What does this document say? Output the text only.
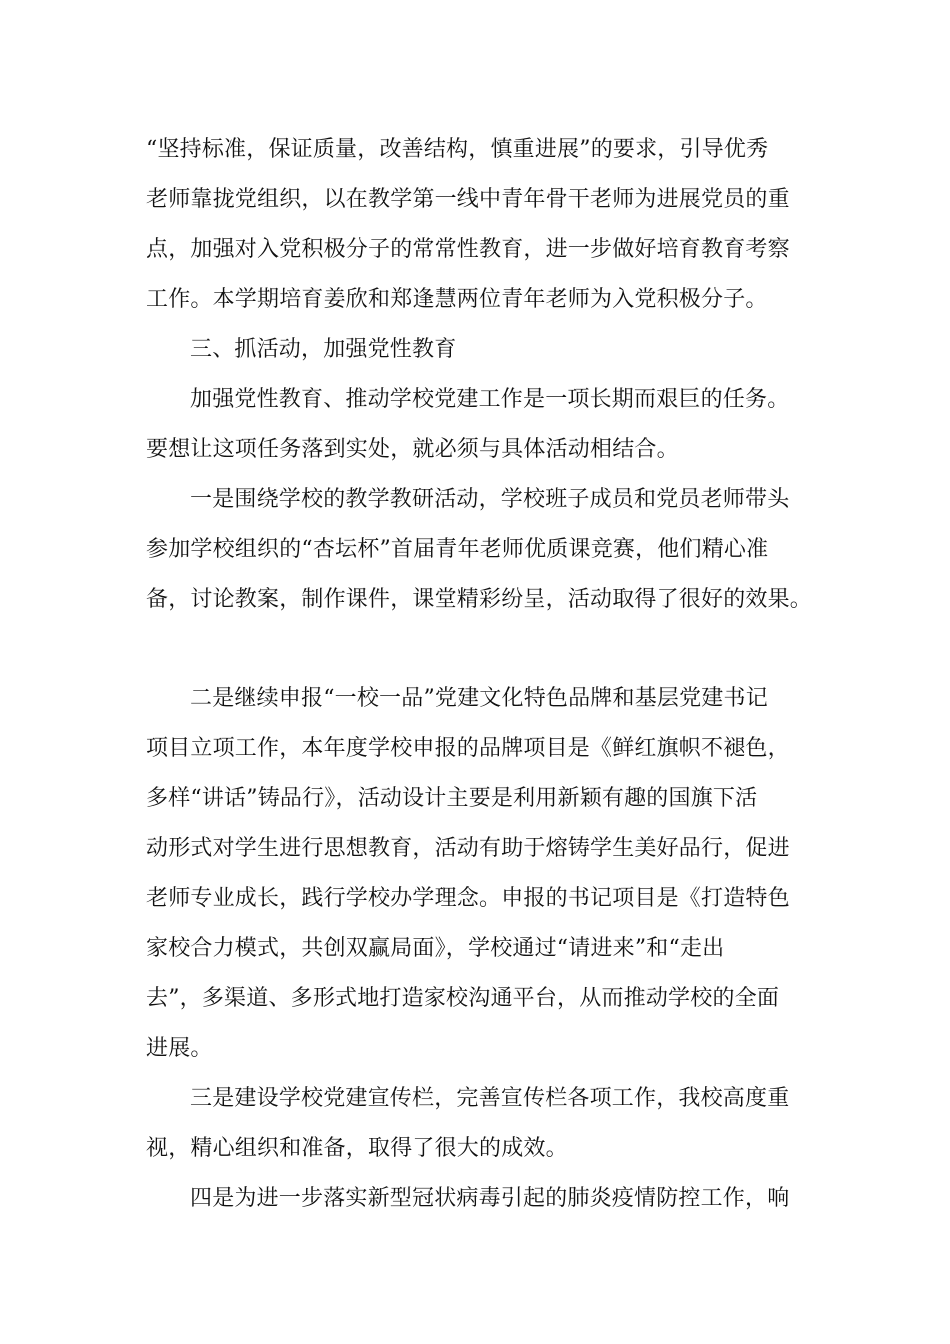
“坚持标准，保证质量，改善结构，慎重进展”的要求，引导优秀
老师靠拢党组织，以在教学第一线中青年骨干老师为进展党员的重
点，加强对入党积极分子的常常性教育，进一步做好培育教育考察
工作。本学期培育姜欣和郑逢慧两位青年老师为入党积极分子。
三、抓活动，加强党性教育
加强党性教育、推动学校党建工作是一项长期而艰巨的任务。
要想让这项任务落到实处，就必须与具体活动相结合。
一是围绕学校的教学教研活动，学校班子成员和党员老师带头
参加学校组织的“杏坛杯”首届青年老师优质课竞赛，他们精心准
备，讨论教案，制作课件，课堂精彩纷呈，活动取得了很好的效果。
二是继续申报“一校一品”党建文化特色品牌和基层党建书记
项目立项工作，本年度学校申报的品牌项目是《鲜红旗帜不褪色，
多样“讲话”铸品行》，活动设计主要是利用新颖有趣的国旗下活
动形式对学生进行思想教育，活动有助于熔铸学生美好品行，促进
老师专业成长，践行学校办学理念。申报的书记项目是《打造特色
家校合力模式，共创双赢局面》，学校通过“请进来”和“走出
去”，多渠道、多形式地打造家校沟通平台，从而推动学校的全面
进展。
三是建设学校党建宣传栏，完善宣传栏各项工作，我校高度重
视，精心组织和准备，取得了很大的成效。
四是为进一步落实新型冠状病毒引起的肺炎疫情防控工作，响
